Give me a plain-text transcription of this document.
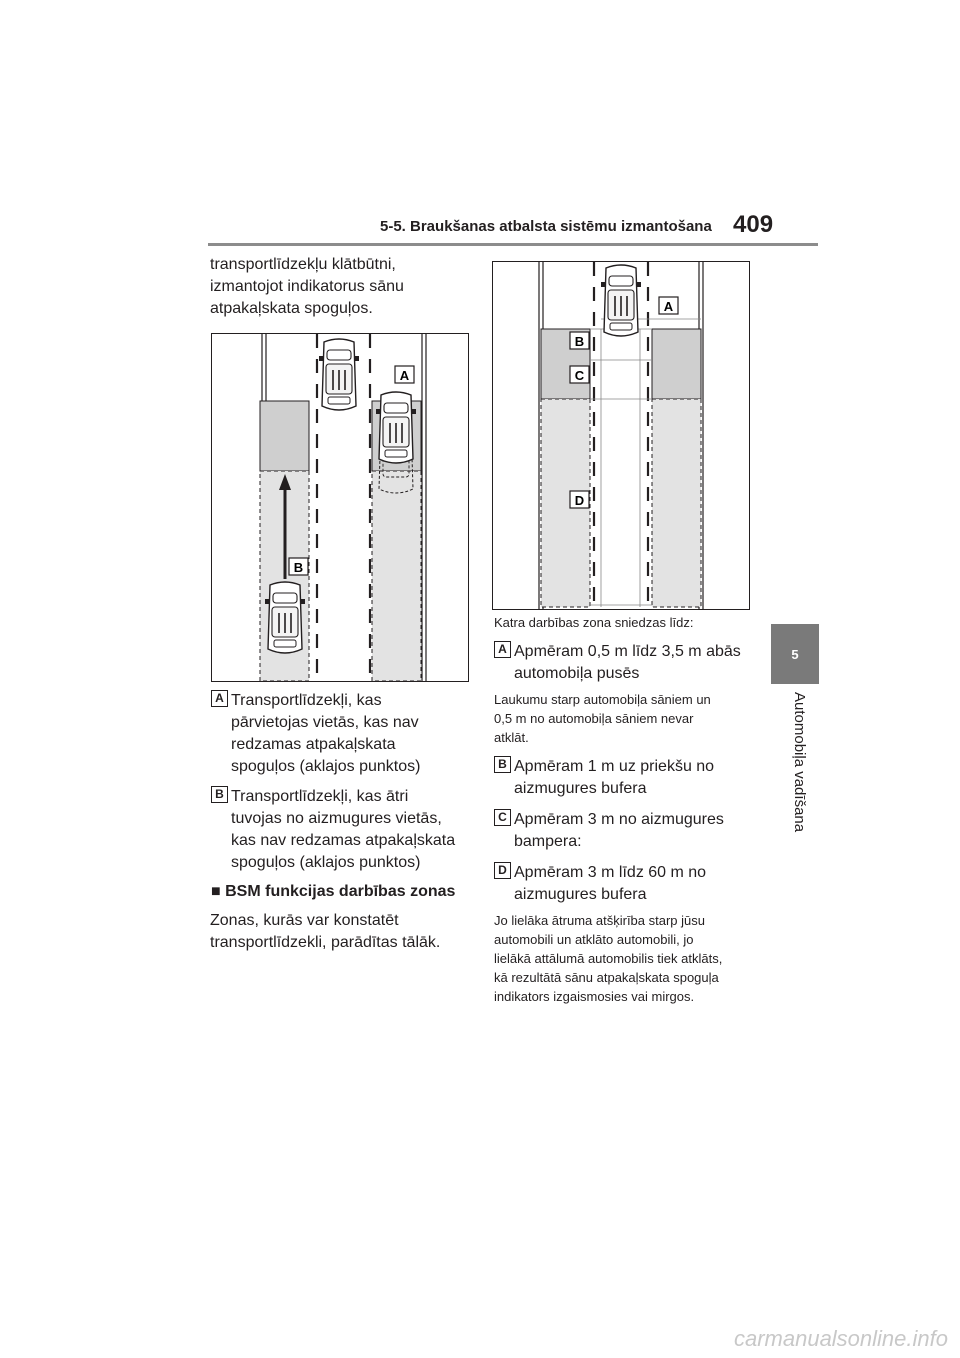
5-5. Braukšanas atbalsta sistēmu izmantošana 409
5
Automobiļa vadīšana
transportlīdzekļu klātbūtni,
izmantojot indikatorus sānu
atpakaļskata spoguļos.
A
B
A Transportlīdzekļi, kas
pārvietojas vietās, kas nav
redzamas atpakaļskata
spoguļos (aklajos punktos)
B Transportlīdzekļi, kas ātri
tuvojas no aizmugures vietās,
kas nav redzamas atpakaļskata
spoguļos (aklajos punktos)
■ BSM funkcijas darbības zonas
Zonas, kurās var konstatēt
transportlīdzekli, parādītas tālāk.
A
B
C
D
Katra darbības zona sniedzas līdz:
A Apmēram 0,5 m līdz 3,5 m abās
automobiļa pusēs
Laukumu starp automobiļa sāniem un
0,5 m no automobiļa sāniem nevar
atklāt.
B Apmēram 1 m uz priekšu no
aizmugures bufera
C Apmēram 3 m no aizmugures
bampera:
D Apmēram 3 m līdz 60 m no
aizmugures bufera
Jo lielāka ātruma atšķirība starp jūsu
automobili un atklāto automobili, jo
lielākā attālumā automobilis tiek atklāts,
kā rezultātā sānu atpakaļskata spoguļa
indikators izgaismosies vai mirgos.
carmanualsonline.info
